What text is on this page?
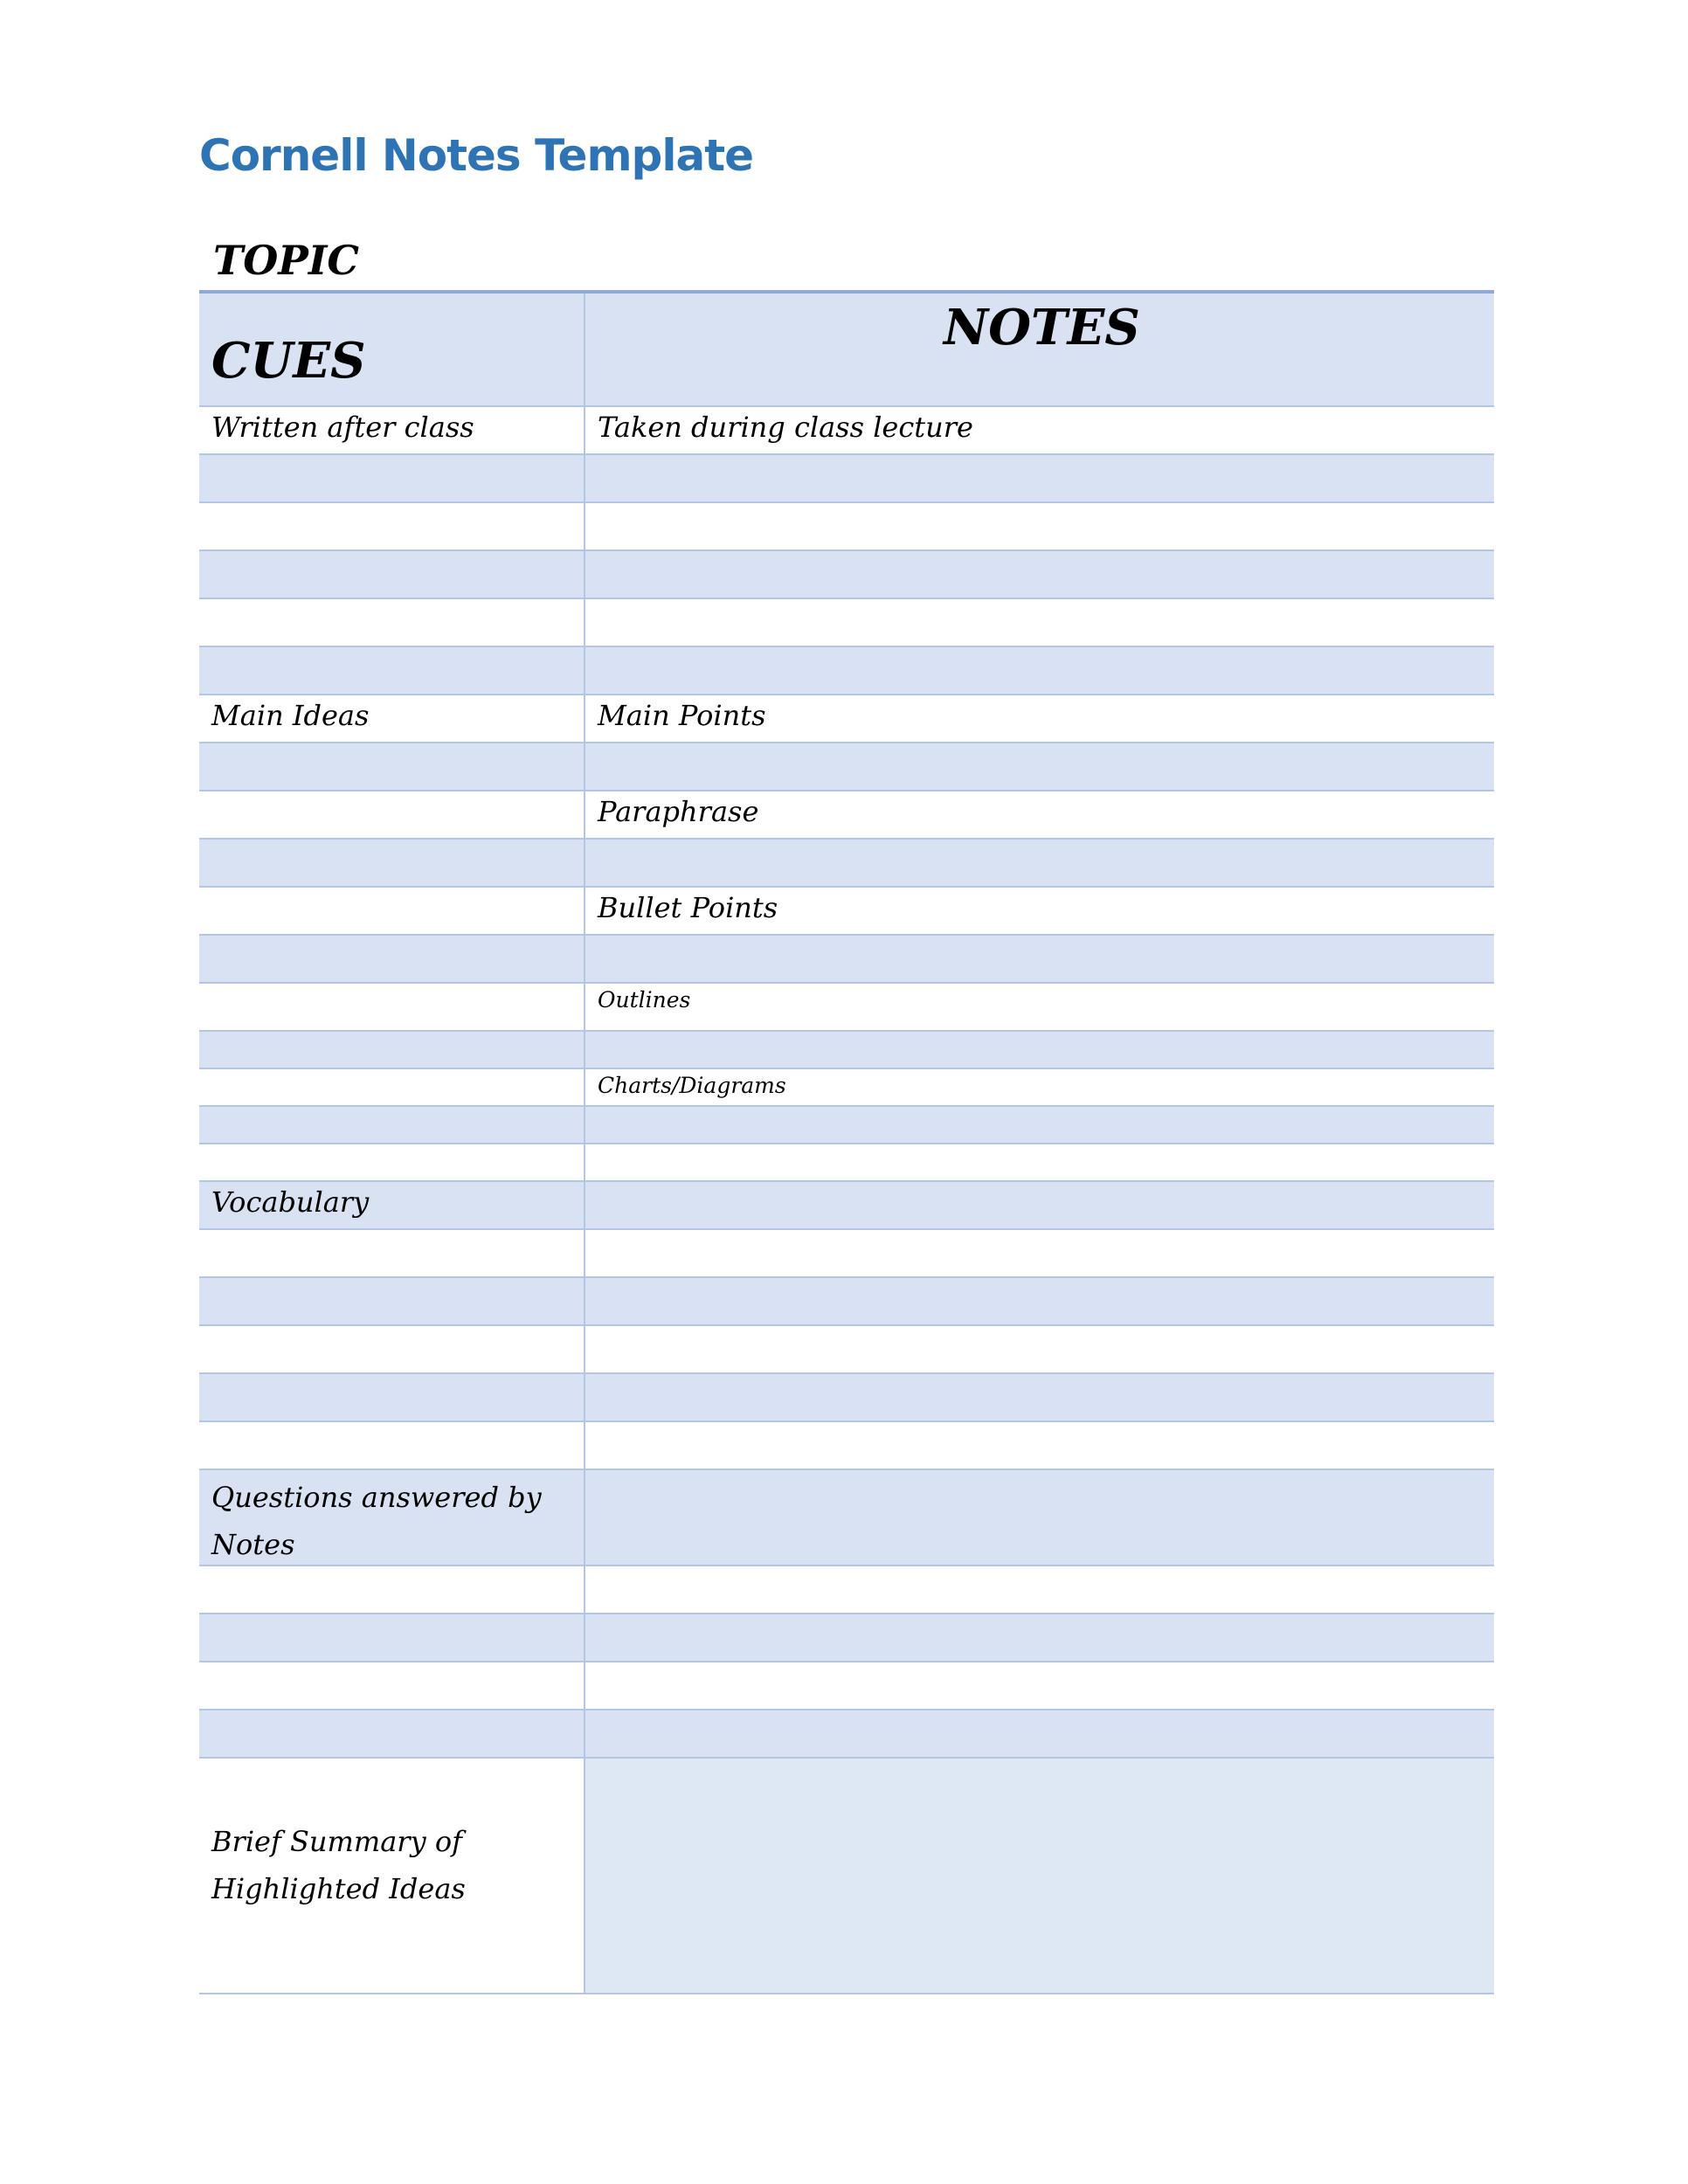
Cornell Notes Template
TOPIC
CUES
NOTES
Written after class	Taken during class lecture
Main Ideas	Main Points
Paraphrase
Bullet Points
Outlines
Charts/Diagrams
Vocabulary
Questions answered by Notes
Brief Summary of Highlighted Ideas
